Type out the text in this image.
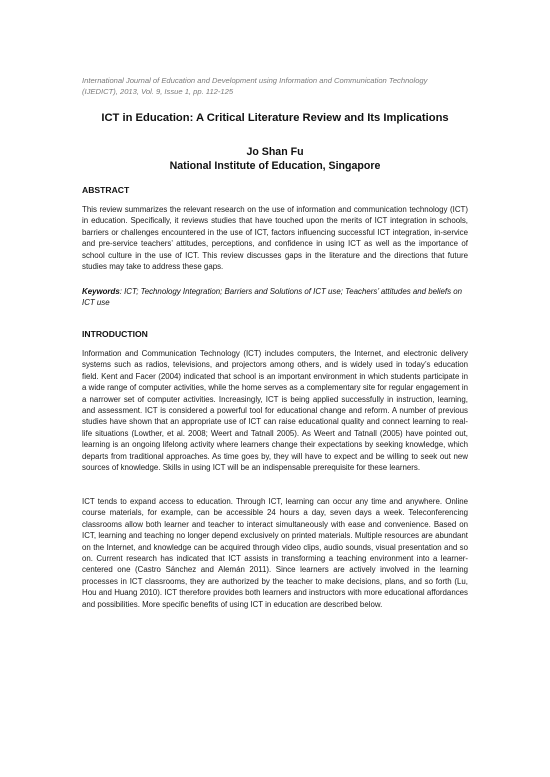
International Journal of Education and Development using Information and Communication Technology
(IJEDICT), 2013, Vol. 9, Issue 1, pp. 112-125
ICT in Education: A Critical Literature Review and Its Implications
Jo Shan Fu
National Institute of Education, Singapore
ABSTRACT
This review summarizes the relevant research on the use of information and communication technology (ICT) in education. Specifically, it reviews studies that have touched upon the merits of ICT integration in schools, barriers or challenges encountered in the use of ICT, factors influencing successful ICT integration, in-service and pre-service teachers’ attitudes, perceptions, and confidence in using ICT as well as the importance of school culture in the use of ICT. This review discusses gaps in the literature and the directions that future studies may take to address these gaps.
Keywords: ICT; Technology Integration; Barriers and Solutions of ICT use; Teachers’ attitudes and beliefs on ICT use
INTRODUCTION
Information and Communication Technology (ICT) includes computers, the Internet, and electronic delivery systems such as radios, televisions, and projectors among others, and is widely used in today’s education field. Kent and Facer (2004) indicated that school is an important environment in which students participate in a wide range of computer activities, while the home serves as a complementary site for regular engagement in a narrower set of computer activities. Increasingly, ICT is being applied successfully in instruction, learning, and assessment. ICT is considered a powerful tool for educational change and reform. A number of previous studies have shown that an appropriate use of ICT can raise educational quality and connect learning to real-life situations (Lowther, et al. 2008; Weert and Tatnall 2005). As Weert and Tatnall (2005) have pointed out, learning is an ongoing lifelong activity where learners change their expectations by seeking knowledge, which departs from traditional approaches. As time goes by, they will have to expect and be willing to seek out new sources of knowledge. Skills in using ICT will be an indispensable prerequisite for these learners.
ICT tends to expand access to education. Through ICT, learning can occur any time and anywhere. Online course materials, for example, can be accessible 24 hours a day, seven days a week. Teleconferencing classrooms allow both learner and teacher to interact simultaneously with ease and convenience. Based on ICT, learning and teaching no longer depend exclusively on printed materials. Multiple resources are abundant on the Internet, and knowledge can be acquired through video clips, audio sounds, visual presentation and so on. Current research has indicated that ICT assists in transforming a teaching environment into a learner-centered one (Castro Sánchez and Alemán 2011). Since learners are actively involved in the learning processes in ICT classrooms, they are authorized by the teacher to make decisions, plans, and so forth (Lu, Hou and Huang 2010). ICT therefore provides both learners and instructors with more educational affordances and possibilities. More specific benefits of using ICT in education are described below.
